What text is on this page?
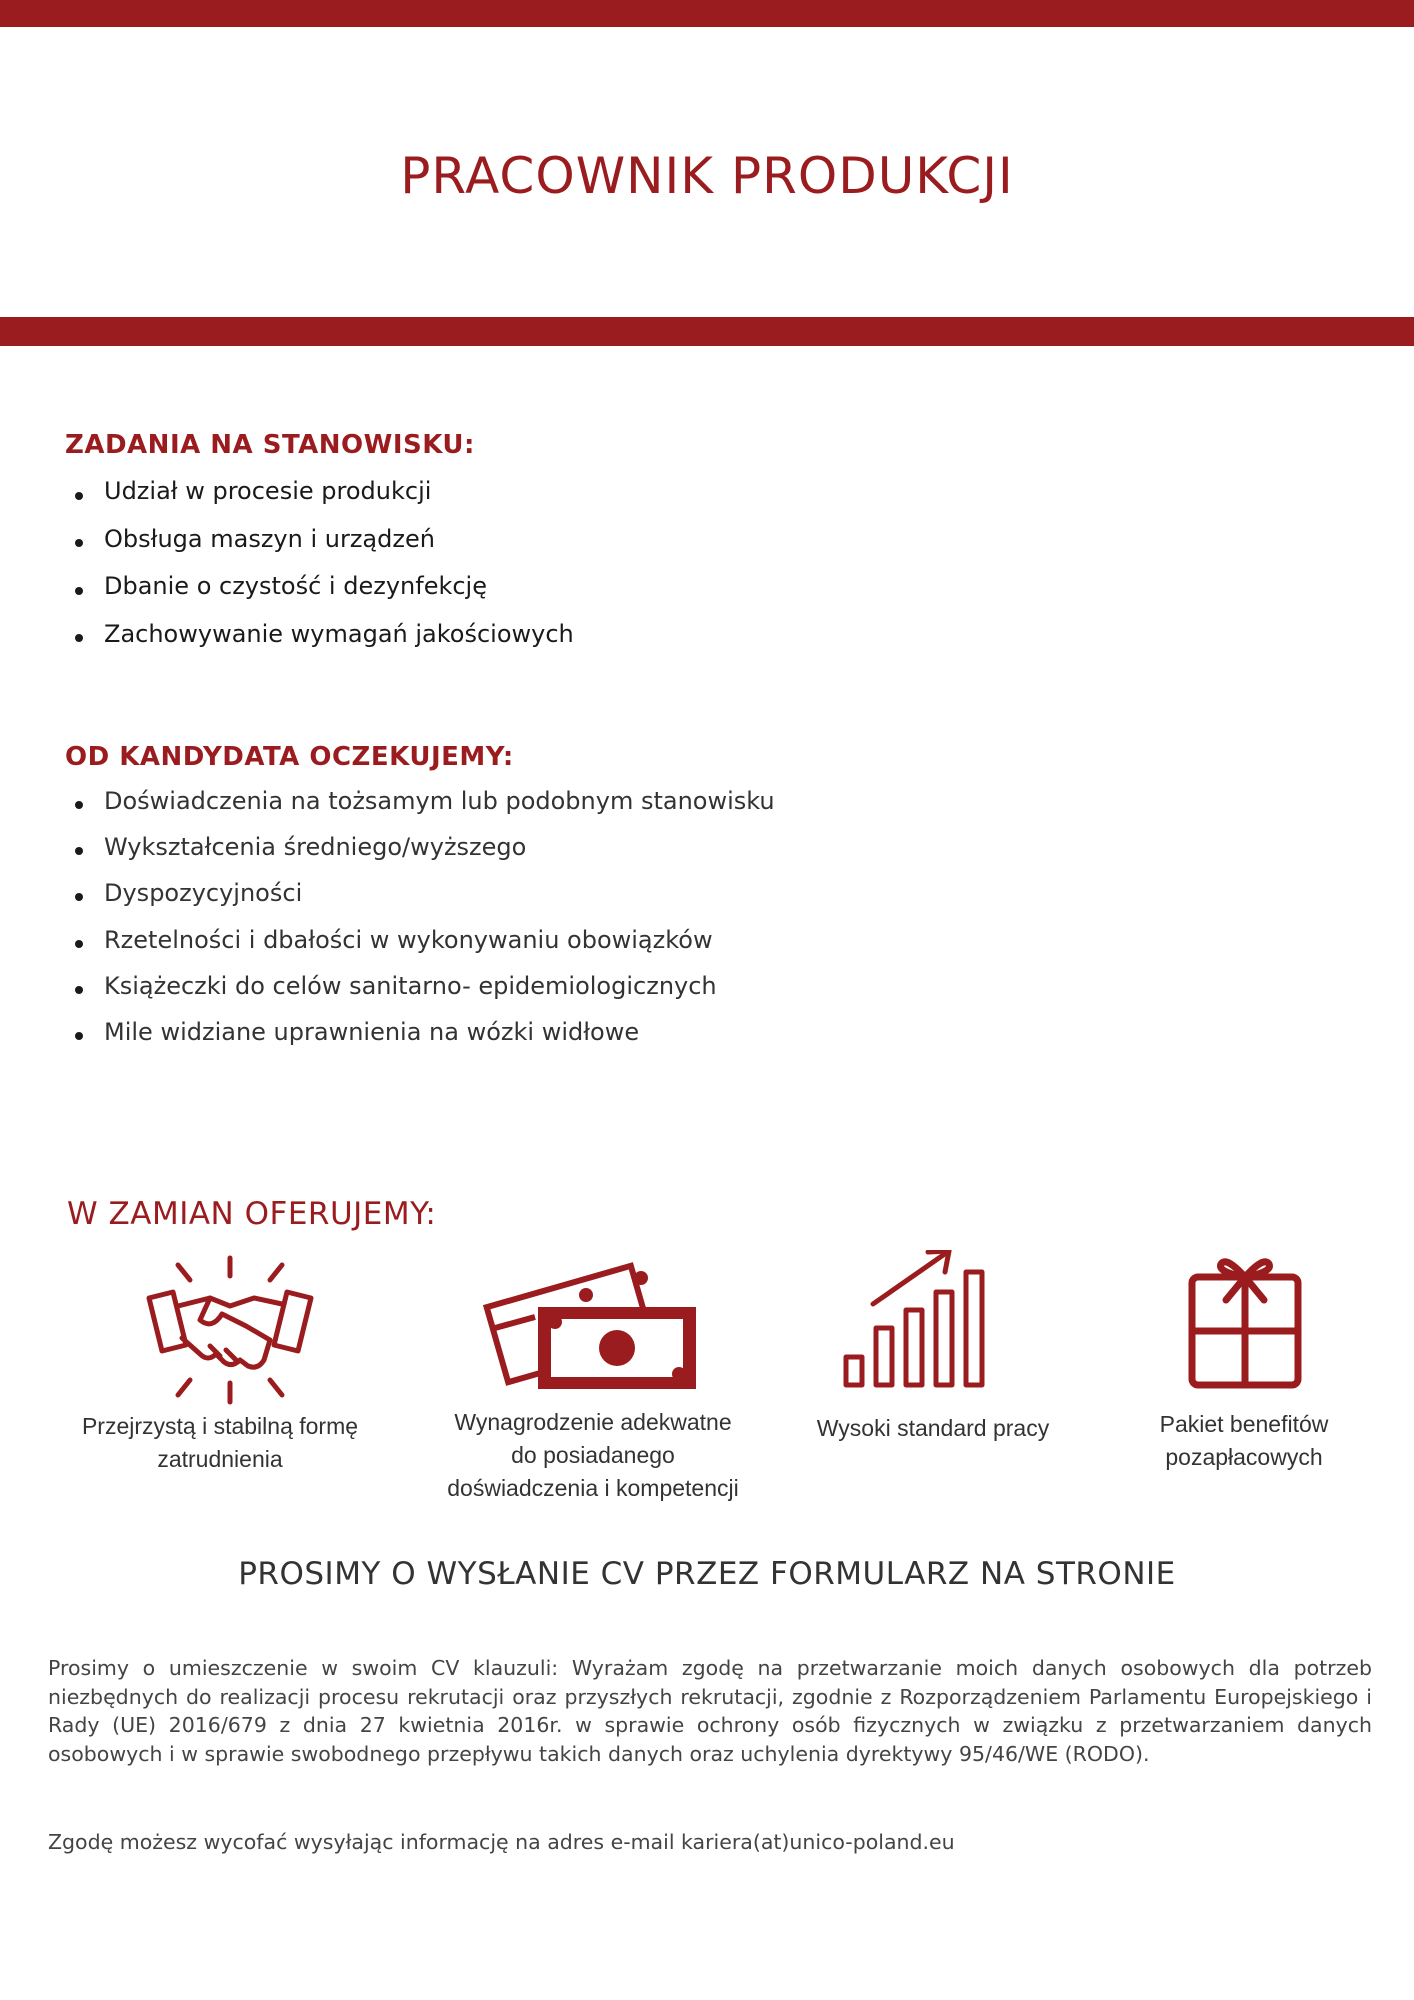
PRACOWNIK PRODUKCJI
ZADANIA NA STANOWISKU:
Udział w procesie produkcji
Obsługa maszyn i urządzeń
Dbanie o czystość i dezynfekcję
Zachowywanie wymagań jakościowych
OD KANDYDATA OCZEKUJEMY:
Doświadczenia na tożsamym lub podobnym stanowisku
Wykształcenia średniego/wyższego
Dyspozycyjności
Rzetelności i dbałości w wykonywaniu obowiązków
Książeczki do celów sanitarno- epidemiologicznych
Mile widziane uprawnienia na wózki widłowe
W ZAMIAN OFERUJEMY:
Przejrzystą i stabilną formę zatrudnienia
Wynagrodzenie adekwatne do posiadanego doświadczenia i kompetencji
Wysoki standard pracy	Pakiet benefitów pozapłacowych
PROSIMY O WYSŁANIE CV PRZEZ FORMULARZ NA STRONIE

Prosimy o umieszczenie w swoim CV klauzuli: Wyrażam zgodę na przetwarzanie moich danych osobowych dla potrzeb niezbędnych do realizacji procesu rekrutacji oraz przyszłych rekrutacji, zgodnie z Rozporządzeniem Parlamentu Europejskiego i Rady (UE) 2016/679 z dnia 27 kwietnia 2016r. w sprawie ochrony osób fizycznych w związku z przetwarzaniem danych osobowych i w sprawie swobodnego przepływu takich danych oraz uchylenia dyrektywy 95/46/WE (RODO).

Zgodę możesz wycofać wysyłając informację na adres e-mail kariera(at)unico-poland.eu
